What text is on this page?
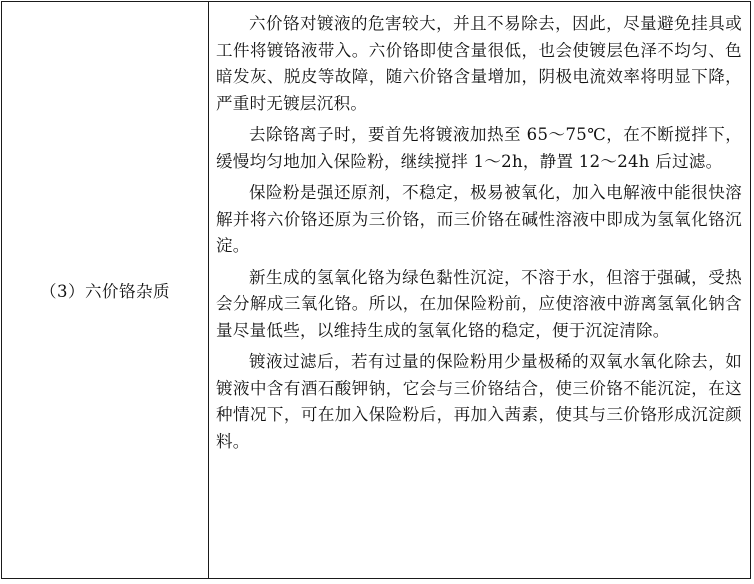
（3）六价铬杂质

六价铬对镀液的危害较大，并且不易除去，因此，尽量避免挂具或工件将镀铬液带入。六价铬即使含量很低，也会使镀层色泽不均匀、色暗发灰、脱皮等故障，随六价铬含量增加，阴极电流效率将明显下降，严重时无镀层沉积。

去除铬离子时，要首先将镀液加热至 65～75℃，在不断搅拌下，缓慢均匀地加入保险粉，继续搅拌 1～2h，静置 12～24h 后过滤。

保险粉是强还原剂，不稳定，极易被氧化，加入电解液中能很快溶解并将六价铬还原为三价铬，而三价铬在碱性溶液中即成为氢氧化铬沉淀。

新生成的氢氧化铬为绿色黏性沉淀，不溶于水，但溶于强碱，受热会分解成三氧化铬。所以，在加保险粉前，应使溶液中游离氢氧化钠含量尽量低些，以维持生成的氢氧化铬的稳定，便于沉淀清除。

镀液过滤后，若有过量的保险粉用少量极稀的双氧水氧化除去，如镀液中含有酒石酸钾钠，它会与三价铬结合，使三价铬不能沉淀，在这种情况下，可在加入保险粉后，再加入茜素，使其与三价铬形成沉淀颜料。
